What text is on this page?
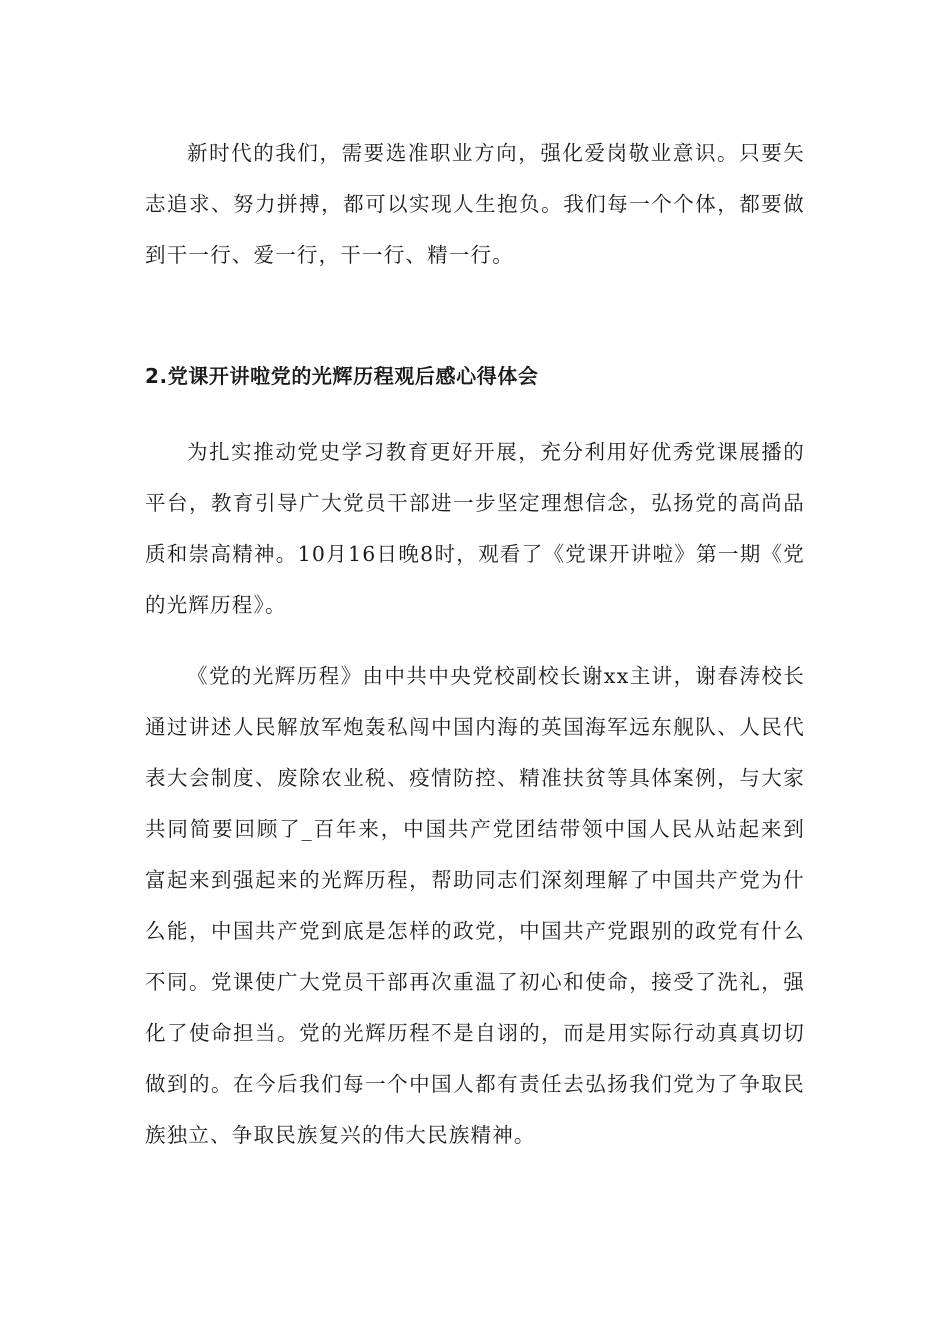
新时代的我们，需要选准职业方向，强化爱岗敬业意识。只要矢志追求、努力拼搏，都可以实现人生抱负。我们每一个个体，都要做到干一行、爱一行，干一行、精一行。

2.党课开讲啦党的光辉历程观后感心得体会

为扎实推动党史学习教育更好开展，充分利用好优秀党课展播的平台，教育引导广大党员干部进一步坚定理想信念，弘扬党的高尚品质和崇高精神。10月16日晚8时，观看了《党课开讲啦》第一期《党的光辉历程》。

《党的光辉历程》由中共中央党校副校长谢xx主讲，谢春涛校长通过讲述人民解放军炮轰私闯中国内海的英国海军远东舰队、人民代表大会制度、废除农业税、疫情防控、精准扶贫等具体案例，与大家共同简要回顾了_百年来，中国共产党团结带领中国人民从站起来到富起来到强起来的光辉历程，帮助同志们深刻理解了中国共产党为什么能，中国共产党到底是怎样的政党，中国共产党跟别的政党有什么不同。党课使广大党员干部再次重温了初心和使命，接受了洗礼，强化了使命担当。党的光辉历程不是自诩的，而是用实际行动真真切切做到的。在今后我们每一个中国人都有责任去弘扬我们党为了争取民族独立、争取民族复兴的伟大民族精神。
